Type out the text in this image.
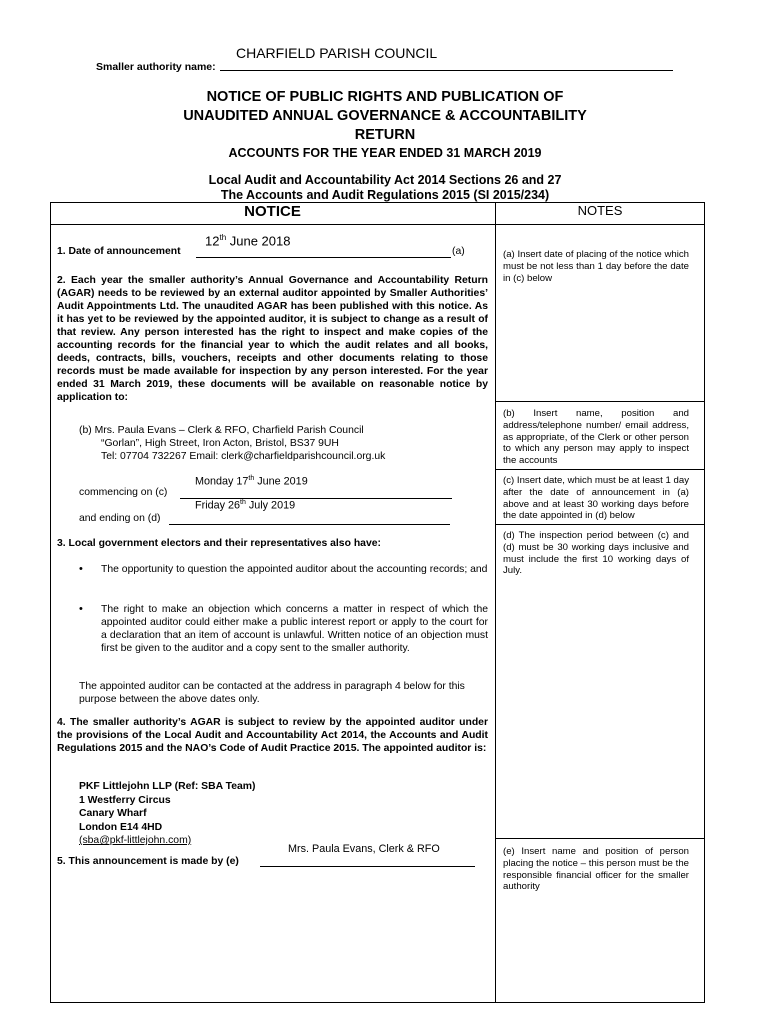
CHARFIELD PARISH COUNCIL
Smaller authority name:
NOTICE OF PUBLIC RIGHTS AND PUBLICATION OF
UNAUDITED ANNUAL GOVERNANCE & ACCOUNTABILITY
RETURN
ACCOUNTS FOR THE YEAR ENDED 31 MARCH 2019
Local Audit and Accountability Act 2014 Sections 26 and 27
The Accounts and Audit Regulations 2015 (SI 2015/234)
NOTICE	NOTES
12th June 2018
1. Date of announcement	(a)
2. Each year the smaller authority’s Annual Governance and Accountability Return (AGAR) needs to be reviewed by an external auditor appointed by Smaller Authorities’ Audit Appointments Ltd. The unaudited AGAR has been published with this notice. As it has yet to be reviewed by the appointed auditor, it is subject to change as a result of that review. Any person interested has the right to inspect and make copies of the accounting records for the financial year to which the audit relates and all books, deeds, contracts, bills, vouchers, receipts and other documents relating to those records must be made available for inspection by any person interested. For the year ended 31 March 2019, these documents will be available on reasonable notice by application to:
(b) Mrs. Paula Evans – Clerk & RFO, Charfield Parish Council
“Gorlan”, High Street, Iron Acton, Bristol, BS37 9UH
Tel: 07704 732267 Email: clerk@charfieldparishcouncil.org.uk
Monday 17th June 2019
commencing on (c)
Friday 26th July 2019
and ending on (d)
3. Local government electors and their representatives also have:
• The opportunity to question the appointed auditor about the accounting records; and
• The right to make an objection which concerns a matter in respect of which the appointed auditor could either make a public interest report or apply to the court for a declaration that an item of account is unlawful. Written notice of an objection must first be given to the auditor and a copy sent to the smaller authority.
The appointed auditor can be contacted at the address in paragraph 4 below for this purpose between the above dates only.
4. The smaller authority’s AGAR is subject to review by the appointed auditor under the provisions of the Local Audit and Accountability Act 2014, the Accounts and Audit Regulations 2015 and the NAO’s Code of Audit Practice 2015. The appointed auditor is:
PKF Littlejohn LLP (Ref: SBA Team)
1 Westferry Circus
Canary Wharf
London E14 4HD
(sba@pkf-littlejohn.com)
Mrs. Paula Evans, Clerk & RFO
5. This announcement is made by (e)
(a) Insert date of placing of the notice which must be not less than 1 day before the date in (c) below
(b) Insert name, position and address/telephone number/ email address, as appropriate, of the Clerk or other person to which any person may apply to inspect the accounts
(c) Insert date, which must be at least 1 day after the date of announcement in (a) above and at least 30 working days before the date appointed in (d) below
(d) The inspection period between (c) and (d) must be 30 working days inclusive and must include the first 10 working days of July.
(e) Insert name and position of person placing the notice – this person must be the responsible financial officer for the smaller authority
